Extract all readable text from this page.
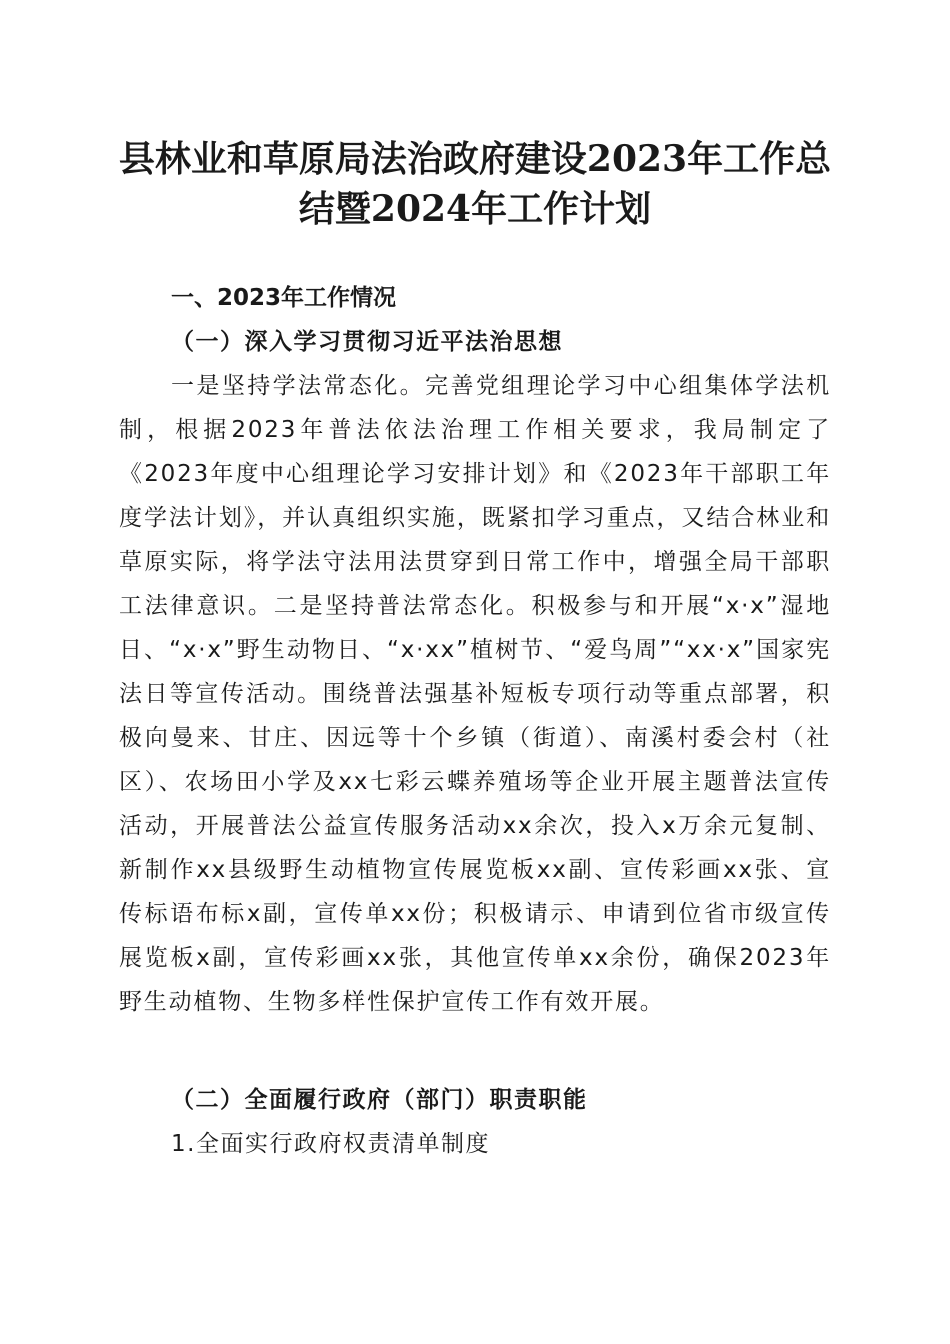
县林业和草原局法治政府建设2023年工作总
结暨2024年工作计划
一、2023年工作情况
（一）深入学习贯彻习近平法治思想
一是坚持学法常态化。完善党组理论学习中心组集体学法机制，根据2023年普法依法治理工作相关要求，我局制定了《2023年度中心组理论学习安排计划》和《2023年干部职工年度学法计划》，并认真组织实施，既紧扣学习重点，又结合林业和草原实际，将学法守法用法贯穿到日常工作中，增强全局干部职工法律意识。二是坚持普法常态化。积极参与和开展“x·x”湿地日、“x·x”野生动物日、“x·xx”植树节、“爱鸟周”“xx·x”国家宪法日等宣传活动。围绕普法强基补短板专项行动等重点部署，积极向曼来、甘庄、因远等十个乡镇（街道）、南溪村委会村（社区）、农场田小学及xx七彩云蝶养殖场等企业开展主题普法宣传活动，开展普法公益宣传服务活动xx余次，投入x万余元复制、新制作xx县级野生动植物宣传展览板xx副、宣传彩画xx张、宣传标语布标x副，宣传单xx份；积极请示、申请到位省市级宣传展览板x副，宣传彩画xx张，其他宣传单xx余份，确保2023年野生动植物、生物多样性保护宣传工作有效开展。
（二）全面履行政府（部门）职责职能
1.全面实行政府权责清单制度
